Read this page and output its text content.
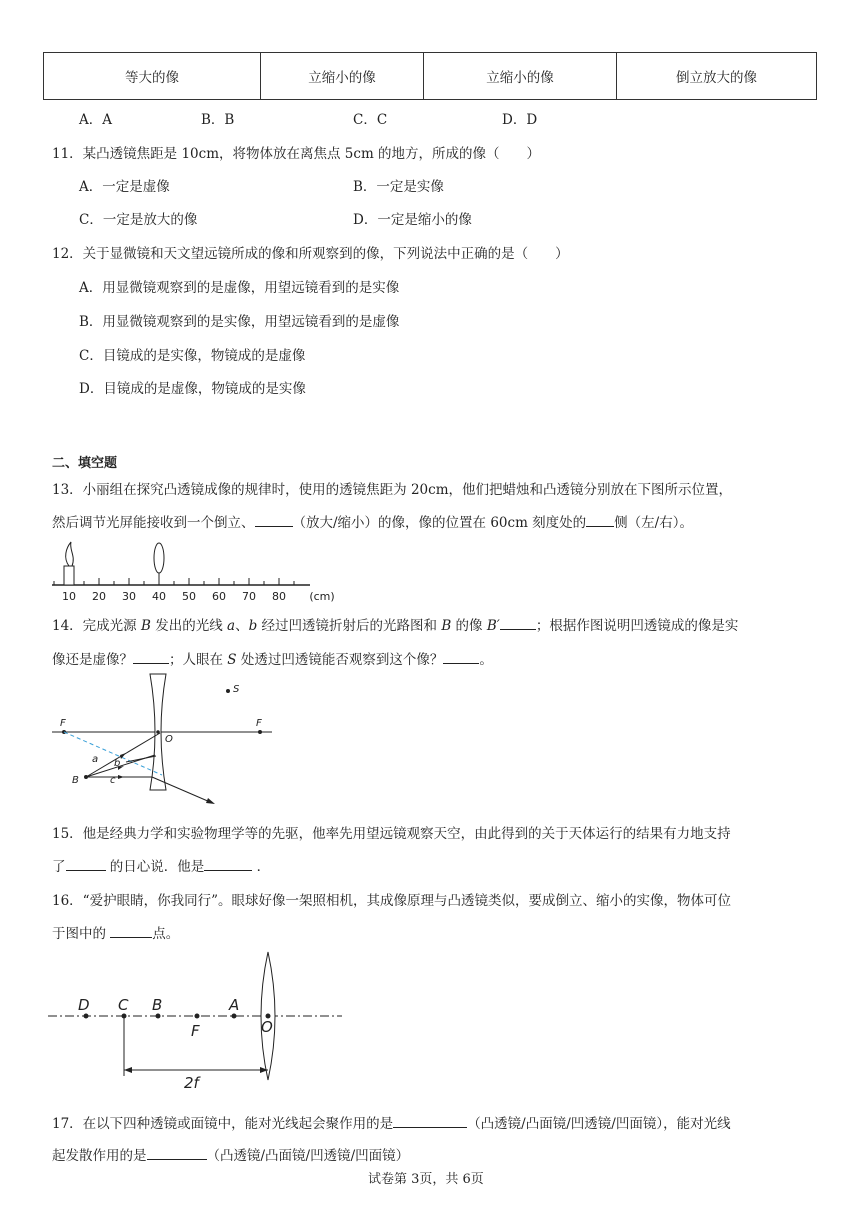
等大的像	立缩小的像	立缩小的像	倒立放大的像
A．A	B．B	C．C	D．D
11．某凸透镜焦距是 10cm，将物体放在离焦点 5cm 的地方，所成的像（　　）
A．一定是虚像	B．一定是实像
C．一定是放大的像	D．一定是缩小的像
12．关于显微镜和天文望远镜所成的像和所观察到的像，下列说法中正确的是（　　）
A．用显微镜观察到的是虚像，用望远镜看到的是实像
B．用显微镜观察到的是实像，用望远镜看到的是虚像
C．目镜成的是实像，物镜成的是虚像
D．目镜成的是虚像，物镜成的是实像
二、填空题
13．小丽组在探究凸透镜成像的规律时，使用的透镜焦距为 20cm，他们把蜡烛和凸透镜分别放在下图所示位置，
然后调节光屏能接收到一个倒立、	（放大/缩小）的像，像的位置在 60cm 刻度处的 侧（左/右）。
10 20 30 40 50 60 70 80 (cm)
14．完成光源 B 发出的光线 a、b 经过凹透镜折射后的光路图和 B 的像 B′	；根据作图说明凹透镜成的像是实
像还是虚像？	；人眼在 S 处透过凹透镜能否观察到这个像？	。
F	F
O
S
B
a b
c
15．他是经典力学和实验物理学等的先驱，他率先用望远镜观察天空，由此得到的关于天体运行的结果有力地支持
了	的日心说．他是	．
16．“爱护眼睛，你我同行”。眼球好像一架照相机，其成像原理与凸透镜类似，要成倒立、缩小的实像，物体可位
于图中的	点。
D C B
F
A
O
2f
17．在以下四种透镜或面镜中，能对光线起会聚作用的是	（凸透镜/凸面镜/凹透镜/凹面镜），能对光线
起发散作用的是	（凸透镜/凸面镜/凹透镜/凹面镜）
试卷第 3页，共 6页
